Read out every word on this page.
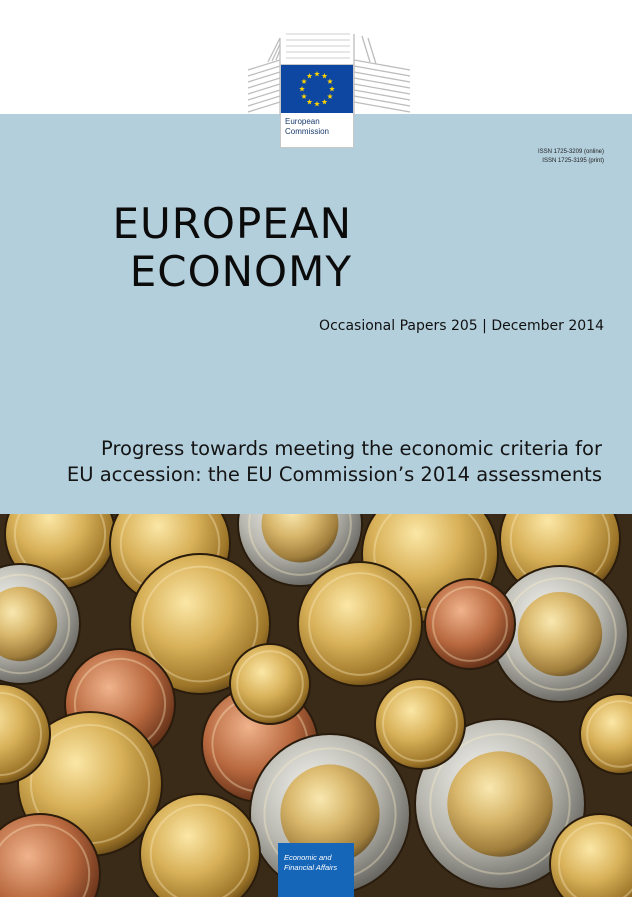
European
Commission
ISSN 1725-3209 (online)
ISSN 1725-3195 (print)
EUROPEAN
ECONOMY
Occasional Papers 205 | December 2014
Progress towards meeting the economic criteria for
EU accession: the EU Commission’s 2014 assessments
Economic and
Financial Affairs
